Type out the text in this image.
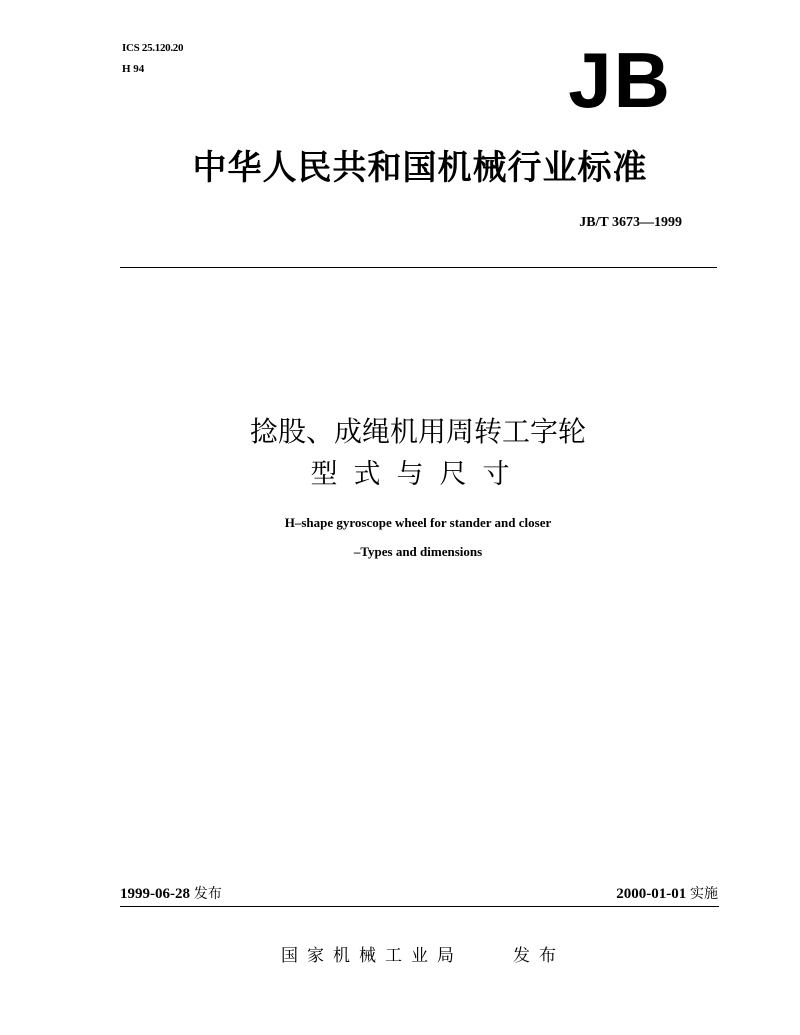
ICS 25.120.20
H 94	JB
中华人民共和国机械行业标准
JB/T 3673—1999
捻股、成绳机用周转工字轮
型式与尺寸
H–shape gyroscope wheel for stander and closer
–Types and dimensions
1999-06-28 发布	2000-01-01 实施
国家机械工业局	发布
